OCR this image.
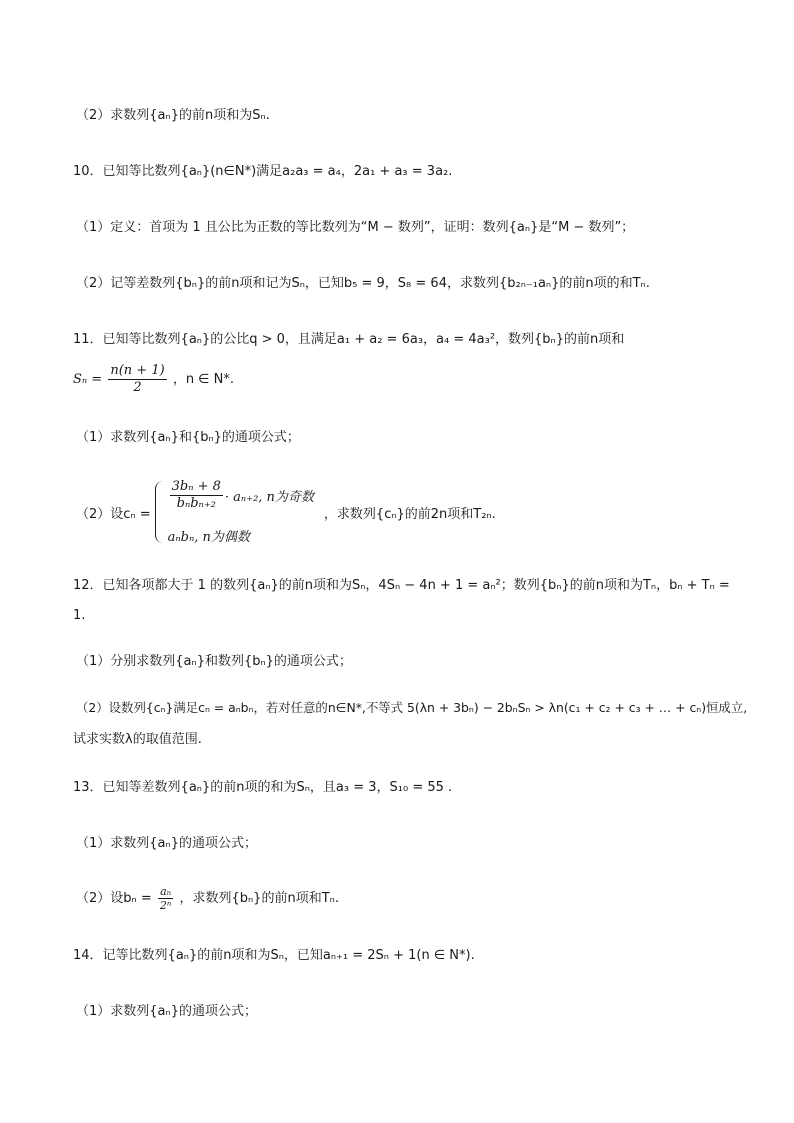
（2）求数列{aₙ}的前n项和为Sₙ.
10．已知等比数列{aₙ}(n∈N*)满足a₂a₃ = a₄，2a₁ + a₃ = 3a₂.
（1）定义：首项为 1 且公比为正数的等比数列为“M − 数列”，证明：数列{aₙ}是“M − 数列”；
（2）记等差数列{bₙ}的前n项和记为Sₙ，已知b₅ = 9，S₈ = 64，求数列{b₂ₙ₋₁aₙ}的前n项的和Tₙ.
11．已知等比数列{aₙ}的公比q > 0，且满足a₁ + a₂ = 6a₃，a₄ = 4a₃²，数列{bₙ}的前n项和
$S_n = \frac{n(n + 1)}{2}$ ，n ∈ N*.
（1）求数列{aₙ}和{bₙ}的通项公式；
（2）设cₙ =
$\frac{\text{3bₙ + 8}}{\text{bₙbₙ₊₂}} \cdot a_{n+2}$, n为奇数
aₙbₙ, n为偶数
，求数列{cₙ}的前2n项和T₂ₙ.
12．已知各项都大于 1 的数列{aₙ}的前n项和为Sₙ，4Sₙ − 4n + 1 = aₙ²；数列{bₙ}的前n项和为Tₙ，bₙ + Tₙ =
1.
（1）分别求数列{aₙ}和数列{bₙ}的通项公式；
（2）设数列{cₙ}满足cₙ = aₙbₙ，若对任意的n∈N*,不等式 5(λn + 3bₙ) − 2bₙSₙ > λn(c₁ + c₂ + c₃ + … + cₙ)恒成立,
试求实数λ的取值范围.
13．已知等差数列{aₙ}的前n项的和为Sₙ，且a₃ = 3，S₁₀ = 55 .
（1）求数列{aₙ}的通项公式；
（2）设$b_n = \frac{\text{aₙ}}{\text{2ⁿ}}$ ，求数列{bₙ}的前n项和Tₙ.
14．记等比数列{aₙ}的前n项和为Sₙ，已知aₙ₊₁ = 2Sₙ + 1(n ∈ N*).
（1）求数列{aₙ}的通项公式；
